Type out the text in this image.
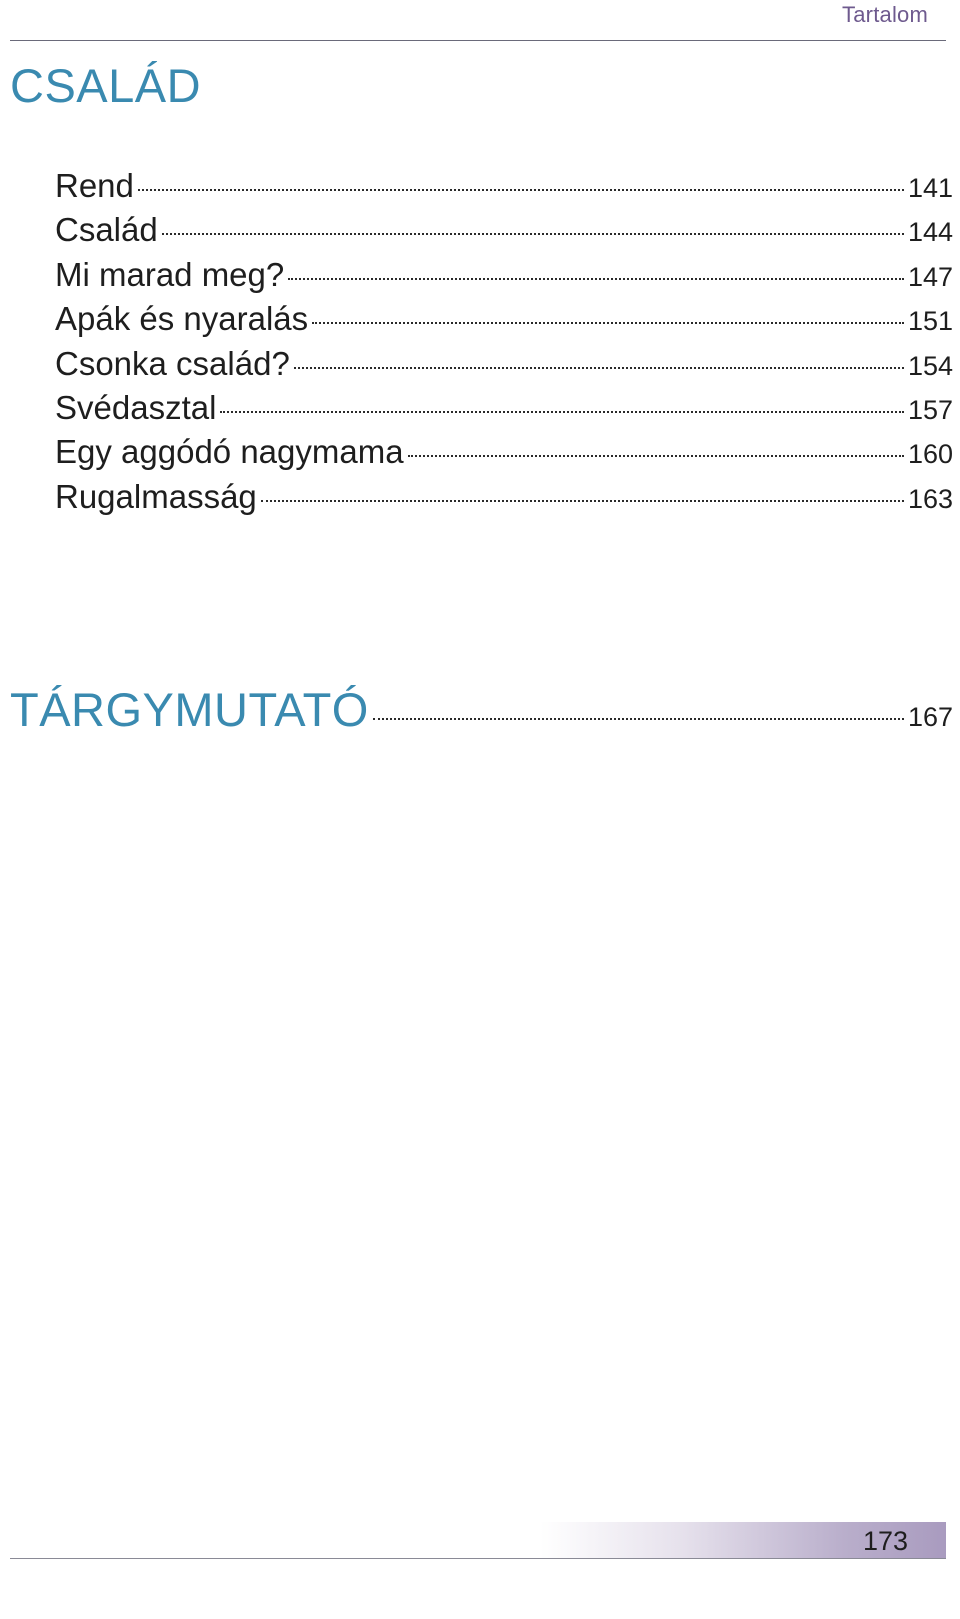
Tartalom
CSALÁD
Rend	141
Család	144
Mi marad meg?	147
Apák és nyaralás	151
Csonka család?	154
Svédasztal	157
Egy aggódó nagymama	160
Rugalmasság	163
TÁRGYMUTATÓ	167
173
